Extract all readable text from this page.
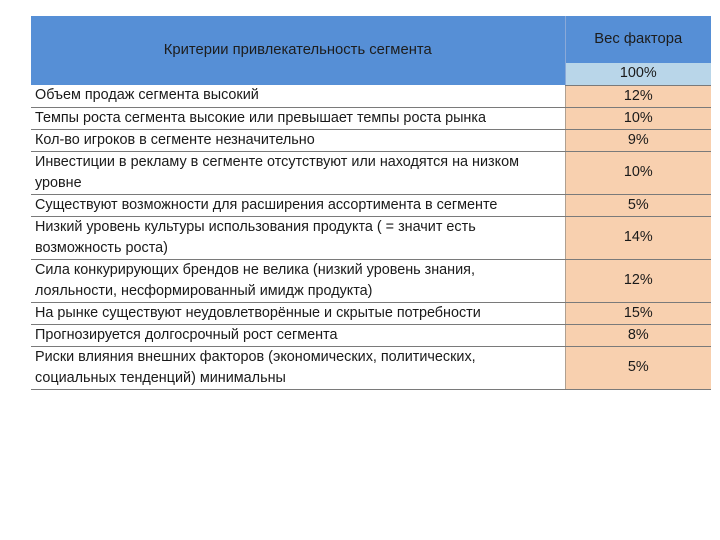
Критерии привлекательность сегмента	Вес фактора
	100%
Объем продаж сегмента высокий	12%
Темпы роста сегмента высокие или превышает темпы роста рынка	10%
Кол-во игроков в сегменте незначительно	9%
Инвестиции в рекламу в сегменте отсутствуют или находятся на низком уровне	10%
Существуют возможности для расширения ассортимента в сегменте	5%
Низкий уровень культуры использования продукта ( = значит есть возможность роста)	14%
Сила конкурирующих брендов не велика (низкий уровень знания, лояльности, несформированный имидж продукта)	12%
На рынке существуют неудовлетворённые и скрытые потребности	15%
Прогнозируется долгосрочный рост сегмента	8%
Риски влияния внешних факторов (экономических, политических, социальных тенденций) минимальны	5%
